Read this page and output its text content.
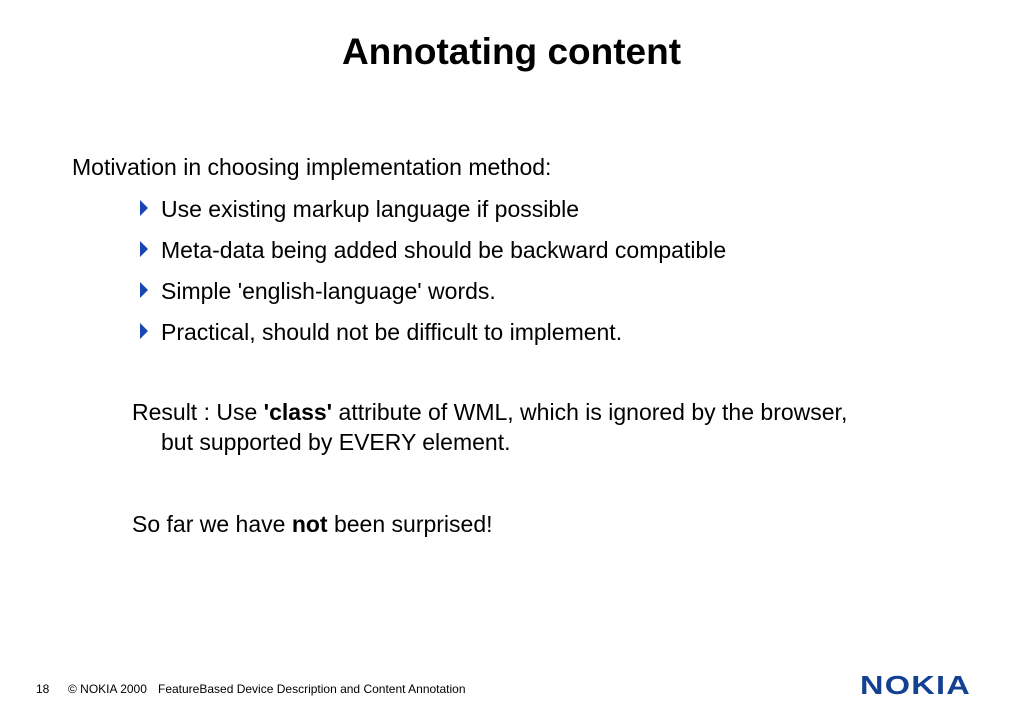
Annotating content
Motivation in choosing implementation method:
Use existing markup language if possible
Meta-data being added should be backward compatible
Simple 'english-language' words.
Practical, should not be difficult to implement.
Result : Use 'class' attribute of WML, which is ignored by the browser,
but supported by EVERY element.
So far we have not been surprised!
18 © NOKIA 2000 FeatureBased Device Description and Content Annotation	NOKIA
